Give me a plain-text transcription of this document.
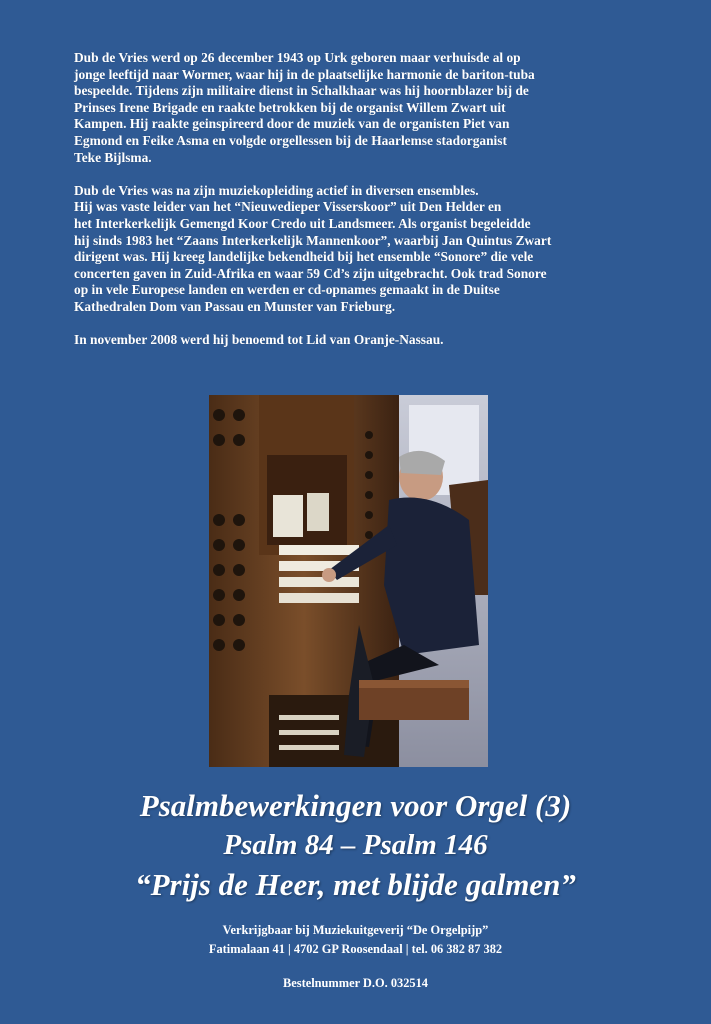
Dub de Vries werd op 26 december 1943 op Urk geboren maar verhuisde al op
jonge leeftijd naar Wormer, waar hij in de plaatselijke harmonie de bariton-tuba
bespeelde. Tijdens zijn militaire dienst in Schalkhaar was hij hoornblazer bij de
Prinses Irene Brigade en raakte betrokken bij de organist Willem Zwart uit
Kampen. Hij raakte geinspireerd door de muziek van de organisten Piet van
Egmond en Feike Asma en volgde orgellessen bij de Haarlemse stadorganist
Teke Bijlsma.

Dub de Vries was na zijn muziekopleiding actief in diversen ensembles.
Hij was vaste leider van het “Nieuwedieper Visserskoor” uit Den Helder en
het Interkerkelijk Gemengd Koor Credo uit Landsmeer. Als organist begeleidde
hij sinds 1983 het “Zaans Interkerkelijk Mannenkoor”, waarbij Jan Quintus Zwart
dirigent was. Hij kreeg landelijke bekendheid bij het ensemble “Sonore” die vele
concerten gaven in Zuid-Afrika en waar 59 Cd’s zijn uitgebracht. Ook trad Sonore
op in vele Europese landen en werden er cd-opnames gemaakt in de Duitse
Kathedralen Dom van Passau en Munster van Frieburg.

In november 2008 werd hij benoemd tot Lid van Oranje-Nassau.

Psalmbewerkingen voor Orgel (3)
Psalm 84 – Psalm 146
“Prijs de Heer, met blijde galmen”
Verkrijgbaar bij Muziekuitgeverij “De Orgelpijp”
Fatimalaan 41 | 4702 GP Roosendaal | tel. 06 382 87 382
Bestelnummer D.O. 032514
